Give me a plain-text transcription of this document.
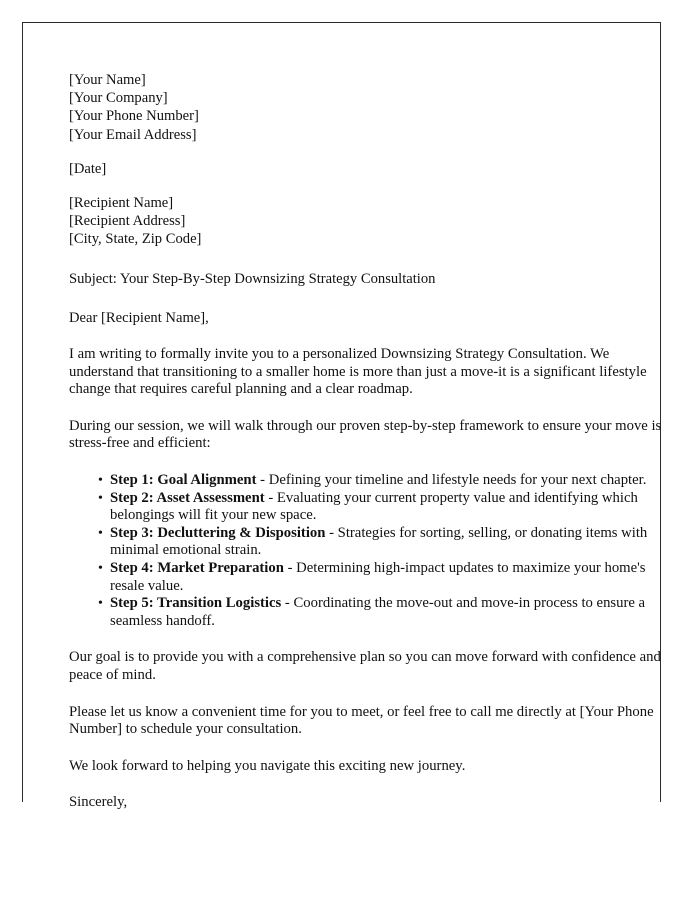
[Your Name]
[Your Company]
[Your Phone Number]
[Your Email Address]
[Date]
[Recipient Name]
[Recipient Address]
[City, State, Zip Code]
Subject: Your Step-By-Step Downsizing Strategy Consultation
Dear [Recipient Name],

I am writing to formally invite you to a personalized Downsizing Strategy Consultation. We understand that transitioning to a smaller home is more than just a move-it is a significant lifestyle change that requires careful planning and a clear roadmap.

During our session, we will walk through our proven step-by-step framework to ensure your move is stress-free and efficient:

• Step 1: Goal Alignment - Defining your timeline and lifestyle needs for your next chapter.
• Step 2: Asset Assessment - Evaluating your current property value and identifying which belongings will fit your new space.
• Step 3: Decluttering & Disposition - Strategies for sorting, selling, or donating items with minimal emotional strain.
• Step 4: Market Preparation - Determining high-impact updates to maximize your home's resale value.
• Step 5: Transition Logistics - Coordinating the move-out and move-in process to ensure a seamless handoff.

Our goal is to provide you with a comprehensive plan so you can move forward with confidence and peace of mind.

Please let us know a convenient time for you to meet, or feel free to call me directly at [Your Phone Number] to schedule your consultation.

We look forward to helping you navigate this exciting new journey.

Sincerely,
